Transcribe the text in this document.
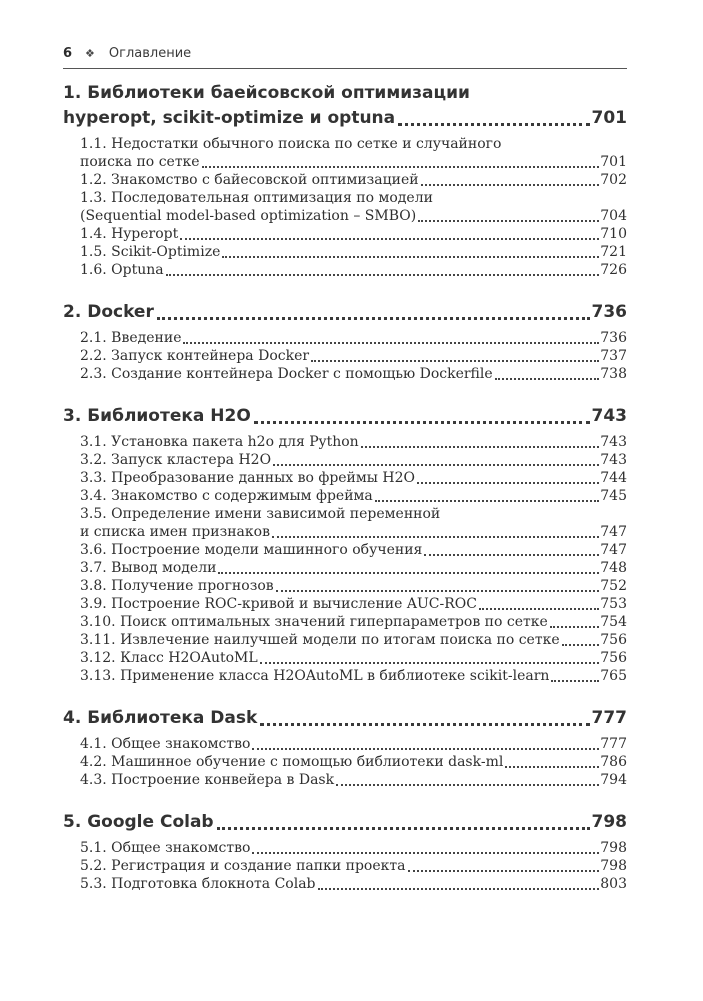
6 ❖ Оглавление
1. Библиотеки баейсовской оптимизации
hyperopt, scikit-optimize и optuna	701
1.1. Недостатки обычного поиска по сетке и случайного
поиска по сетке	701
1.2. Знакомство с байесовской оптимизацией	702
1.3. Последовательная оптимизация по модели
(Sequential model-based optimization – SMBO)	704
1.4. Hyperopt	710
1.5. Scikit-Optimize	721
1.6. Optuna	726
2. Docker	736
2.1. Введение	736
2.2. Запуск контейнера Docker	737
2.3. Создание контейнера Docker с помощью Dockerfile	738
3. Библиотека H2O	743
3.1. Установка пакета h2o для Python	743
3.2. Запуск кластера H2O	743
3.3. Преобразование данных во фреймы H2O	744
3.4. Знакомство с содержимым фрейма	745
3.5. Определение имени зависимой переменной
и списка имен признаков	747
3.6. Построение модели машинного обучения	747
3.7. Вывод модели	748
3.8. Получение прогнозов	752
3.9. Построение ROC-кривой и вычисление AUC-ROC	753
3.10. Поиск оптимальных значений гиперпараметров по сетке	754
3.11. Извлечение наилучшей модели по итогам поиска по сетке	756
3.12. Класс H2OAutoML	756
3.13. Применение класса H2OAutoML в библиотеке scikit-learn	765
4. Библиотека Dask	777
4.1. Общее знакомство	777
4.2. Машинное обучение с помощью библиотеки dask-ml	786
4.3. Построение конвейера в Dask	794
5. Google Colab	798
5.1. Общее знакомство	798
5.2. Регистрация и создание папки проекта	798
5.3. Подготовка блокнота Colab	803
